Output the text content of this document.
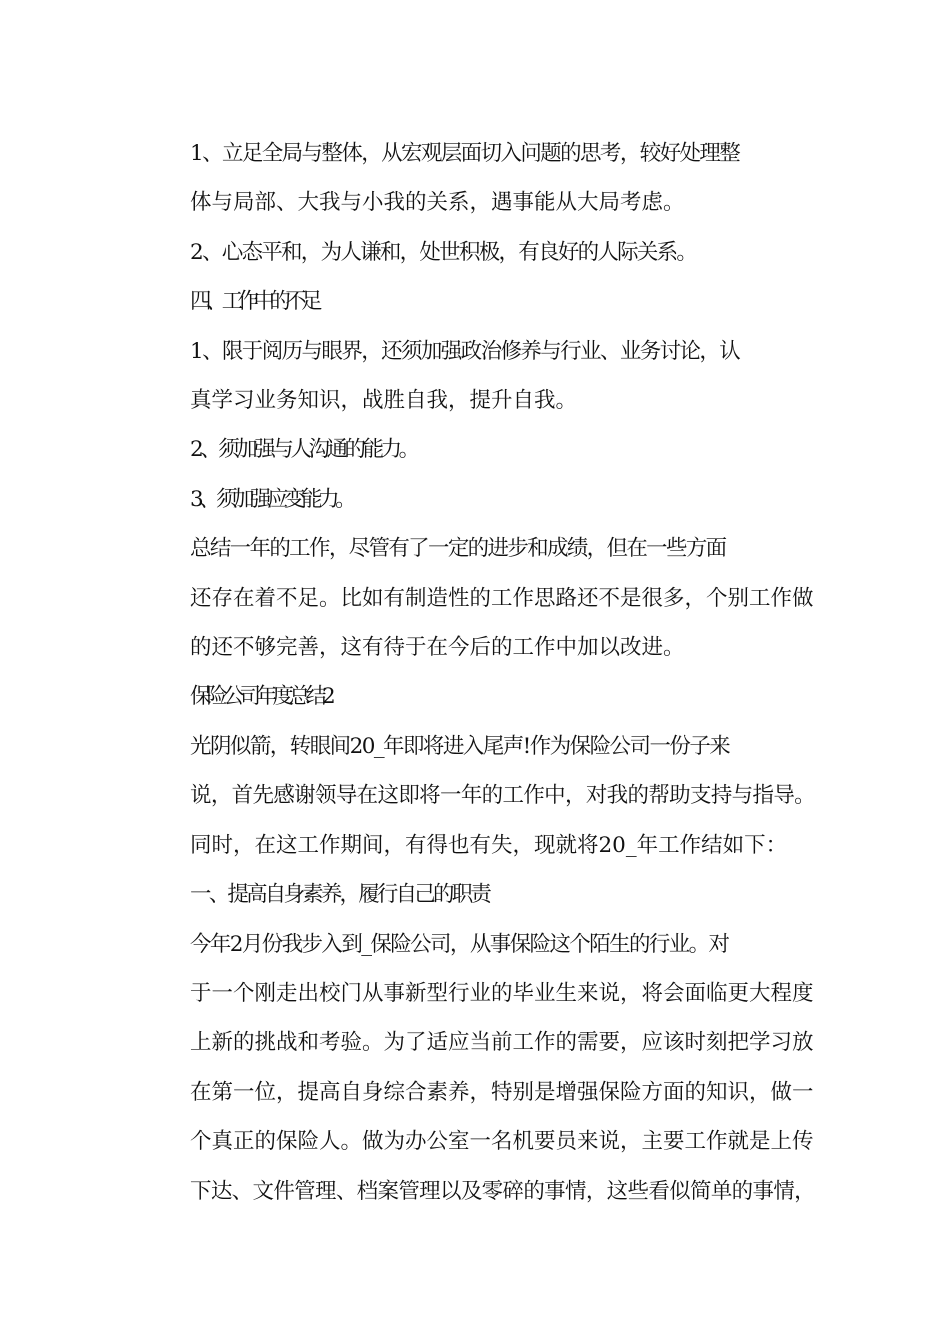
1、立足全局与整体，从宏观层面切入问题的思考，较好处理整
体与局部、大我与小我的关系，遇事能从大局考虑。

2、心态平和，为人谦和，处世积极，有良好的人际关系。

四、工作中的不足

1、限于阅历与眼界，还须加强政治修养与行业、业务讨论，认
真学习业务知识，战胜自我，提升自我。

2、须加强与人沟通的能力。

3、须加强应变能力。

总结一年的工作，尽管有了一定的进步和成绩，但在一些方面
还存在着不足。比如有制造性的工作思路还不是很多，个别工作做
的还不够完善，这有待于在今后的工作中加以改进。

保险公司年度总结2

光阴似箭，转眼间20_年即将进入尾声!作为保险公司一份子来
说，首先感谢领导在这即将一年的工作中，对我的帮助支持与指导。
同时，在这工作期间，有得也有失，现就将20_年工作结如下：

一、提高自身素养，履行自己的职责

今年2月份我步入到_保险公司，从事保险这个陌生的行业。对
于一个刚走出校门从事新型行业的毕业生来说，将会面临更大程度
上新的挑战和考验。为了适应当前工作的需要，应该时刻把学习放
在第一位，提高自身综合素养，特别是增强保险方面的知识，做一
个真正的保险人。做为办公室一名机要员来说，主要工作就是上传
下达、文件管理、档案管理以及零碎的事情，这些看似简单的事情，
